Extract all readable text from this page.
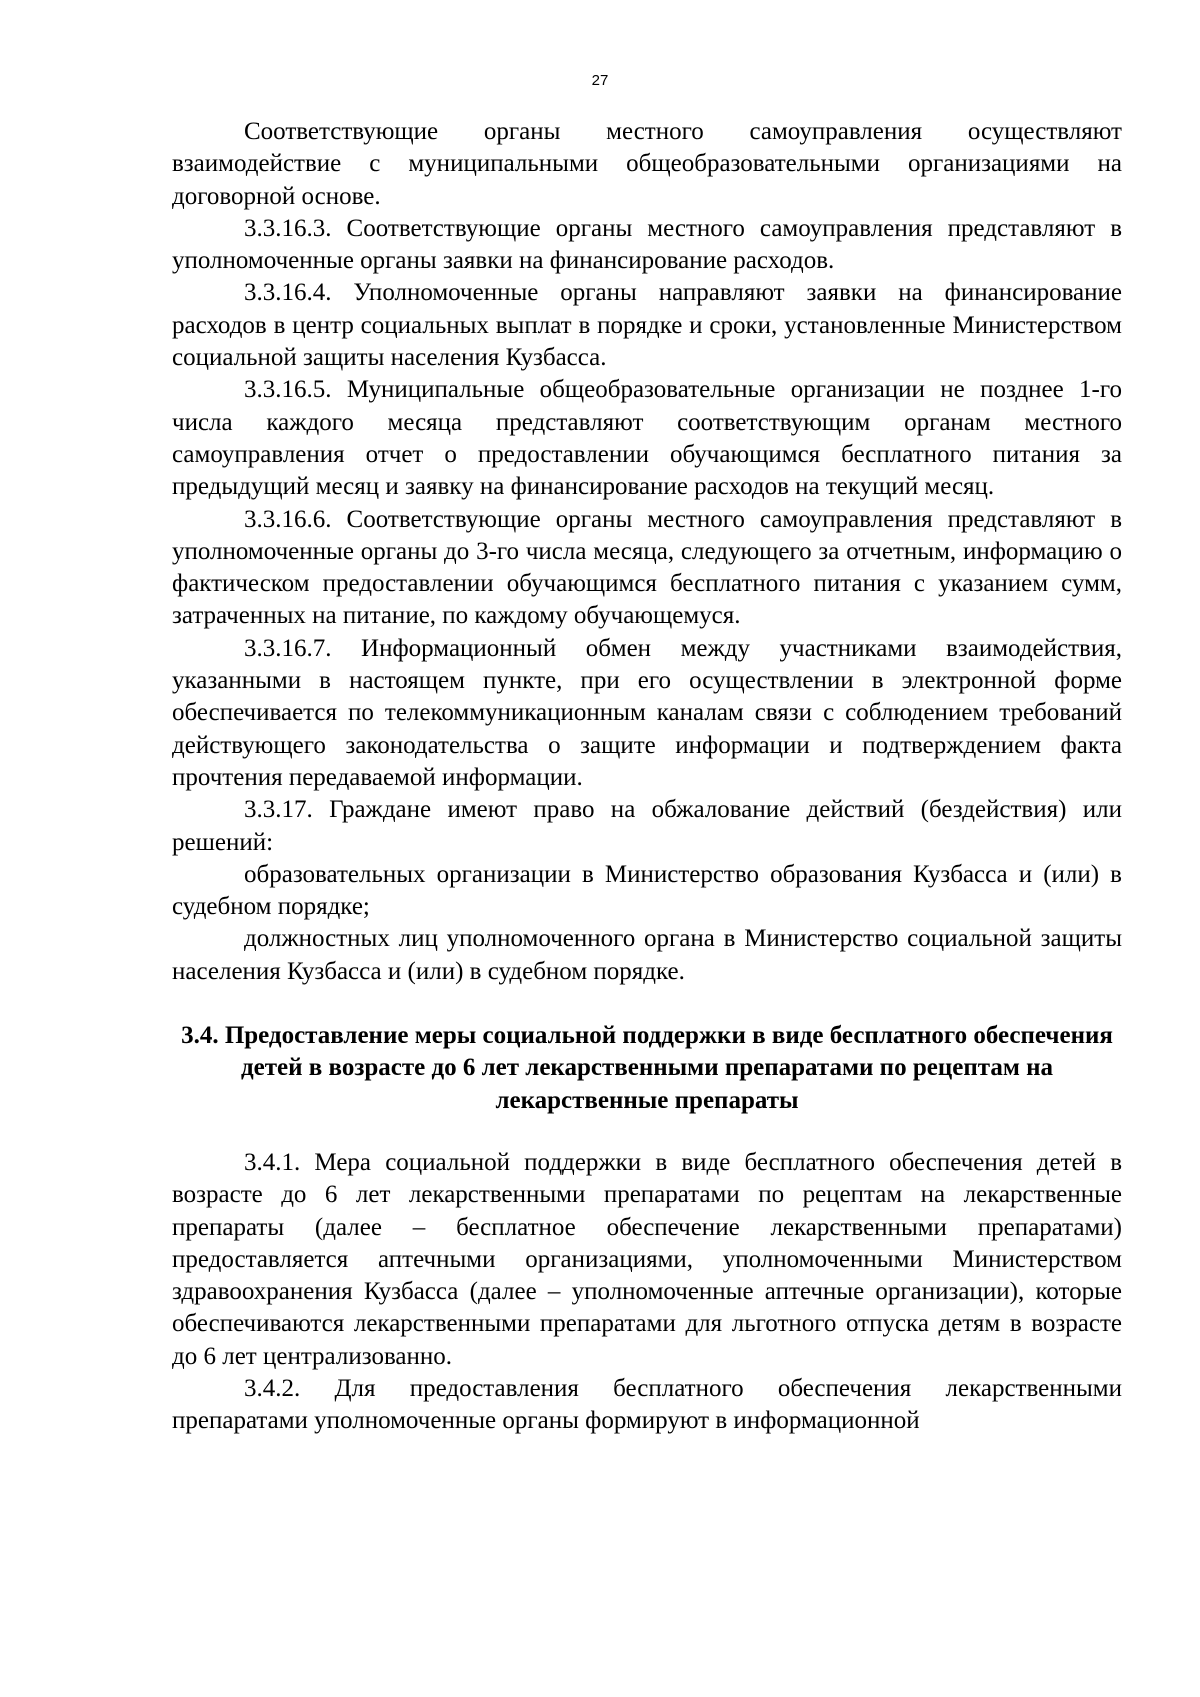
27

Соответствующие органы местного самоуправления осуществляют взаимодействие с муниципальными общеобразовательными организациями на договорной основе.

3.3.16.3. Соответствующие органы местного самоуправления представляют в уполномоченные органы заявки на финансирование расходов.

3.3.16.4. Уполномоченные органы направляют заявки на финансирование расходов в центр социальных выплат в порядке и сроки, установленные Министерством социальной защиты населения Кузбасса.

3.3.16.5. Муниципальные общеобразовательные организации не позднее 1-го числа каждого месяца представляют соответствующим органам местного самоуправления отчет о предоставлении обучающимся бесплатного питания за предыдущий месяц и заявку на финансирование расходов на текущий месяц.

3.3.16.6. Соответствующие органы местного самоуправления представляют в уполномоченные органы до 3-го числа месяца, следующего за отчетным, информацию о фактическом предоставлении обучающимся бесплатного питания с указанием сумм, затраченных на питание, по каждому обучающемуся.

3.3.16.7. Информационный обмен между участниками взаимодействия, указанными в настоящем пункте, при его осуществлении в электронной форме обеспечивается по телекоммуникационным каналам связи с соблюдением требований действующего законодательства о защите информации и подтверждением факта прочтения передаваемой информации.

3.3.17. Граждане имеют право на обжалование действий (бездействия) или решений:

образовательных организации в Министерство образования Кузбасса и (или) в судебном порядке;

должностных лиц уполномоченного органа в Министерство социальной защиты населения Кузбасса и (или) в судебном порядке.

3.4. Предоставление меры социальной поддержки в виде бесплатного обеспечения детей в возрасте до 6 лет лекарственными препаратами по рецептам на лекарственные препараты

3.4.1. Мера социальной поддержки в виде бесплатного обеспечения детей в возрасте до 6 лет лекарственными препаратами по рецептам на лекарственные препараты (далее – бесплатное обеспечение лекарственными препаратами) предоставляется аптечными организациями, уполномоченными Министерством здравоохранения Кузбасса (далее – уполномоченные аптечные организации), которые обеспечиваются лекарственными препаратами для льготного отпуска детям в возрасте до 6 лет централизованно.

3.4.2. Для предоставления бесплатного обеспечения лекарственными препаратами уполномоченные органы формируют в информационной
